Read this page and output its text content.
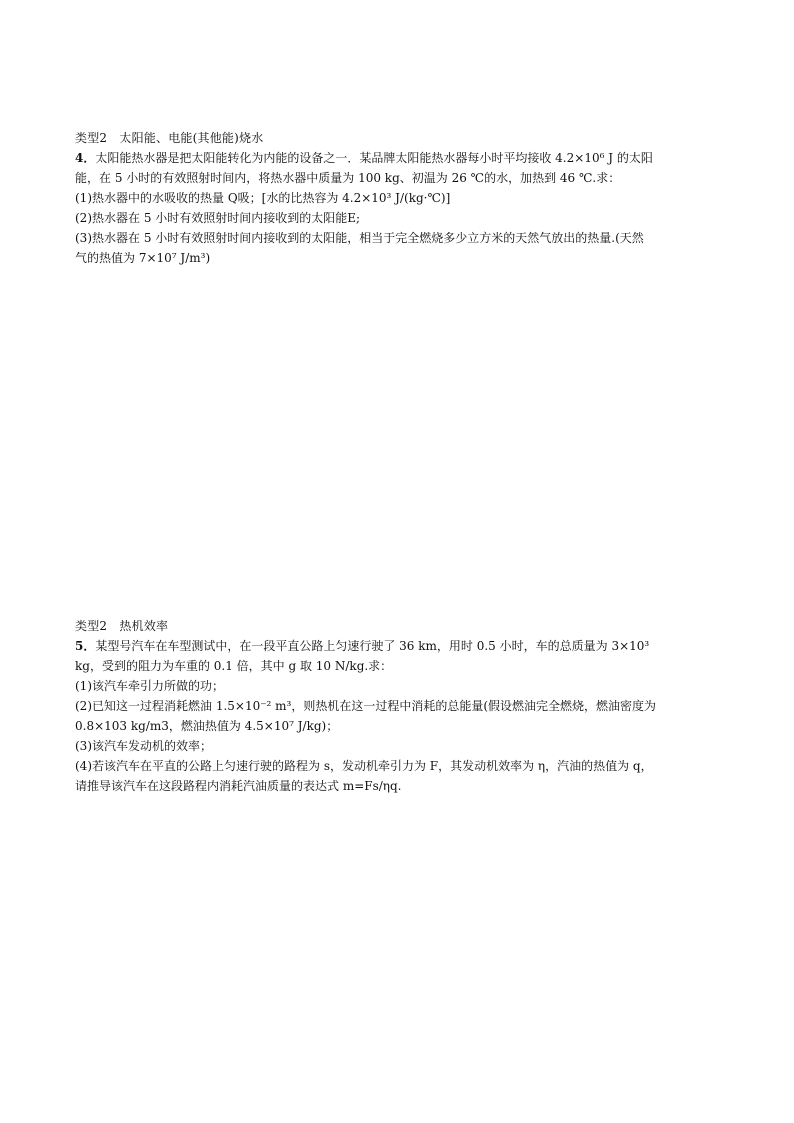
类型2　太阳能、电能(其他能)烧水
4．太阳能热水器是把太阳能转化为内能的设备之一．某品牌太阳能热水器每小时平均接收 4.2×10⁶ J 的太阳
能，在 5 小时的有效照射时间内，将热水器中质量为 100 kg、初温为 26 ℃的水，加热到 46 ℃.求：
(1)热水器中的水吸收的热量 Q吸；[水的比热容为 4.2×10³ J/(kg·℃)]
(2)热水器在 5 小时有效照射时间内接收到的太阳能E;
(3)热水器在 5 小时有效照射时间内接收到的太阳能，相当于完全燃烧多少立方米的天然气放出的热量.(天然
气的热值为 7×10⁷ J/m³)
类型2　热机效率
5．某型号汽车在车型测试中，在一段平直公路上匀速行驶了 36 km，用时 0.5 小时，车的总质量为 3×10³
kg，受到的阻力为车重的 0.1 倍，其中 g 取 10 N/kg.求：
(1)该汽车牵引力所做的功；
(2)已知这一过程消耗燃油 1.5×10⁻² m³，则热机在这一过程中消耗的总能量(假设燃油完全燃烧，燃油密度为
0.8×103 kg/m3，燃油热值为 4.5×10⁷ J/kg)；
(3)该汽车发动机的效率；
(4)若该汽车在平直的公路上匀速行驶的路程为 s，发动机牵引力为 F，其发动机效率为 η，汽油的热值为 q，
请推导该汽车在这段路程内消耗汽油质量的表达式 m=Fs/ηq.
